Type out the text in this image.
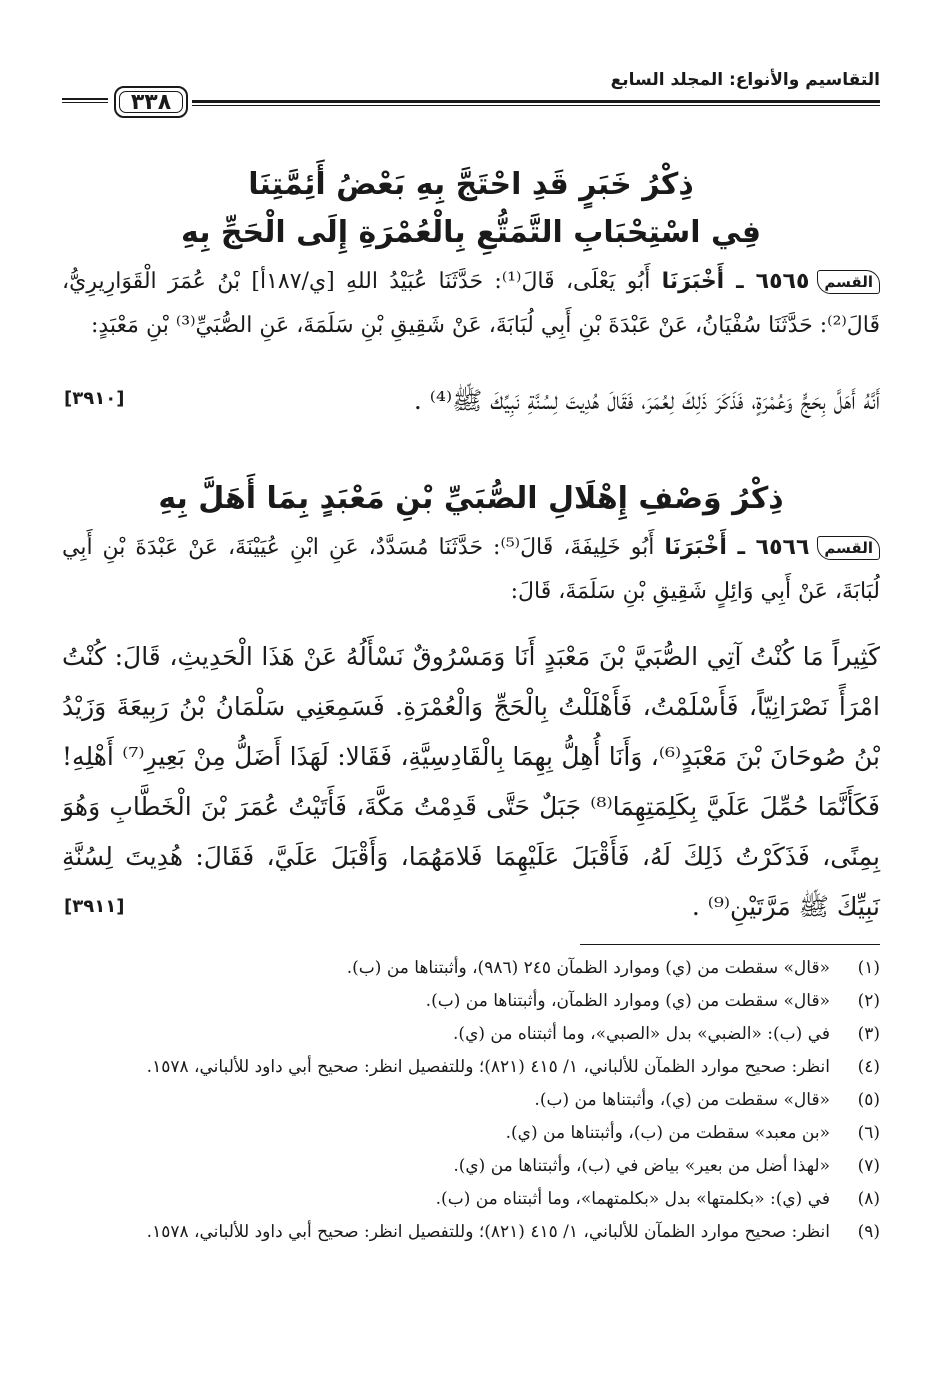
التقاسيم والأنواع: المجلد السابع
٣٣٨
ذِكْرُ خَبَرٍ قَدِ احْتَجَّ بِهِ بَعْضُ أَئِمَّتِنَا
فِي اسْتِحْبَابِ التَّمَتُّعِ بِالْعُمْرَةِ إِلَى الْحَجِّ بِهِ
القسم٦٥٦٥ ـ أَخْبَرَنَا أَبُو يَعْلَى، قَالَ⁽¹⁾: حَدَّثَنَا عُبَيْدُ اللهِ [ي/١٨٧أ] بْنُ عُمَرَ الْقَوَارِيرِيُّ، قَالَ⁽²⁾: حَدَّثَنَا سُفْيَانُ، عَنْ عَبْدَةَ بْنِ أَبِي لُبَابَةَ، عَنْ شَقِيقِ بْنِ سَلَمَةَ، عَنِ الصُّبَيِّ⁽³⁾ بْنِ مَعْبَدٍ:
أَنَّهُ أَهَلَّ بِحَجٍّ وَعُمْرَةٍ، فَذَكَرَ ذَلِكَ لِعُمَرَ، فَقَالَ هُدِيتَ لِسُنَّةِ نَبِيِّكَ ﷺ⁽⁴⁾ .
[٣٩١٠]
ذِكْرُ وَصْفِ إِهْلَالِ الصُّبَيِّ بْنِ مَعْبَدٍ بِمَا أَهَلَّ بِهِ
القسم٦٥٦٦ ـ أَخْبَرَنَا أَبُو خَلِيفَةَ، قَالَ⁽⁵⁾: حَدَّثَنَا مُسَدَّدٌ، عَنِ ابْنِ عُيَيْنَةَ، عَنْ عَبْدَةَ بْنِ أَبِي لُبَابَةَ، عَنْ أَبِي وَائِلٍ شَقِيقِ بْنِ سَلَمَةَ، قَالَ:
كَثِيراً مَا كُنْتُ آتِي الصُّبَيَّ بْنَ مَعْبَدٍ أَنَا وَمَسْرُوقٌ نَسْأَلُهُ عَنْ هَذَا الْحَدِيثِ، قَالَ: كُنْتُ امْرَأً نَصْرَانِيّاً، فَأَسْلَمْتُ، فَأَهْلَلْتُ بِالْحَجِّ وَالْعُمْرَةِ. فَسَمِعَنِي سَلْمَانُ بْنُ رَبِيعَةَ وَزَيْدُ بْنُ صُوحَانَ بْنَ مَعْبَدٍ⁽⁶⁾، وَأَنَا أُهِلُّ بِهِمَا بِالْقَادِسِيَّةِ، فَقَالا: لَهَذَا أَضَلُّ مِنْ بَعِيرِ⁽⁷⁾ أَهْلِهِ! فَكَأَنَّمَا حُمِّلَ عَلَيَّ بِكَلِمَتِهِمَا⁽⁸⁾ جَبَلٌ حَتَّى قَدِمْتُ مَكَّةَ، فَأَتَيْتُ عُمَرَ بْنَ الْخَطَّابِ وَهُوَ بِمِنًى، فَذَكَرْتُ ذَلِكَ لَهُ، فَأَقْبَلَ عَلَيْهِمَا فَلامَهُمَا، وَأَقْبَلَ عَلَيَّ، فَقَالَ: هُدِيتَ لِسُنَّةِ نَبِيِّكَ ﷺ مَرَّتَيْنِ⁽⁹⁾ .
[٣٩١١]
(١)
«قال» سقطت من (ي) وموارد الظمآن ٢٤٥ (٩٨٦)، وأثبتناها من (ب).
(٢)
«قال» سقطت من (ي) وموارد الظمآن، وأثبتناها من (ب).
(٣)
في (ب): «الضبي» بدل «الصبي»، وما أثبتناه من (ي).
(٤)
انظر: صحيح موارد الظمآن للألباني، ١/ ٤١٥ (٨٢١)؛ وللتفصيل انظر: صحيح أبي داود للألباني، ١٥٧٨.
(٥)
«قال» سقطت من (ي)، وأثبتناها من (ب).
(٦)
«بن معبد» سقطت من (ب)، وأثبتناها من (ي).
(٧)
«لهذا أضل من بعير» بياض في (ب)، وأثبتناها من (ي).
(٨)
في (ي): «بكلمتها» بدل «بكلمتهما»، وما أثبتناه من (ب).
(٩)
انظر: صحيح موارد الظمآن للألباني، ١/ ٤١٥ (٨٢١)؛ وللتفصيل انظر: صحيح أبي داود للألباني، ١٥٧٨.
